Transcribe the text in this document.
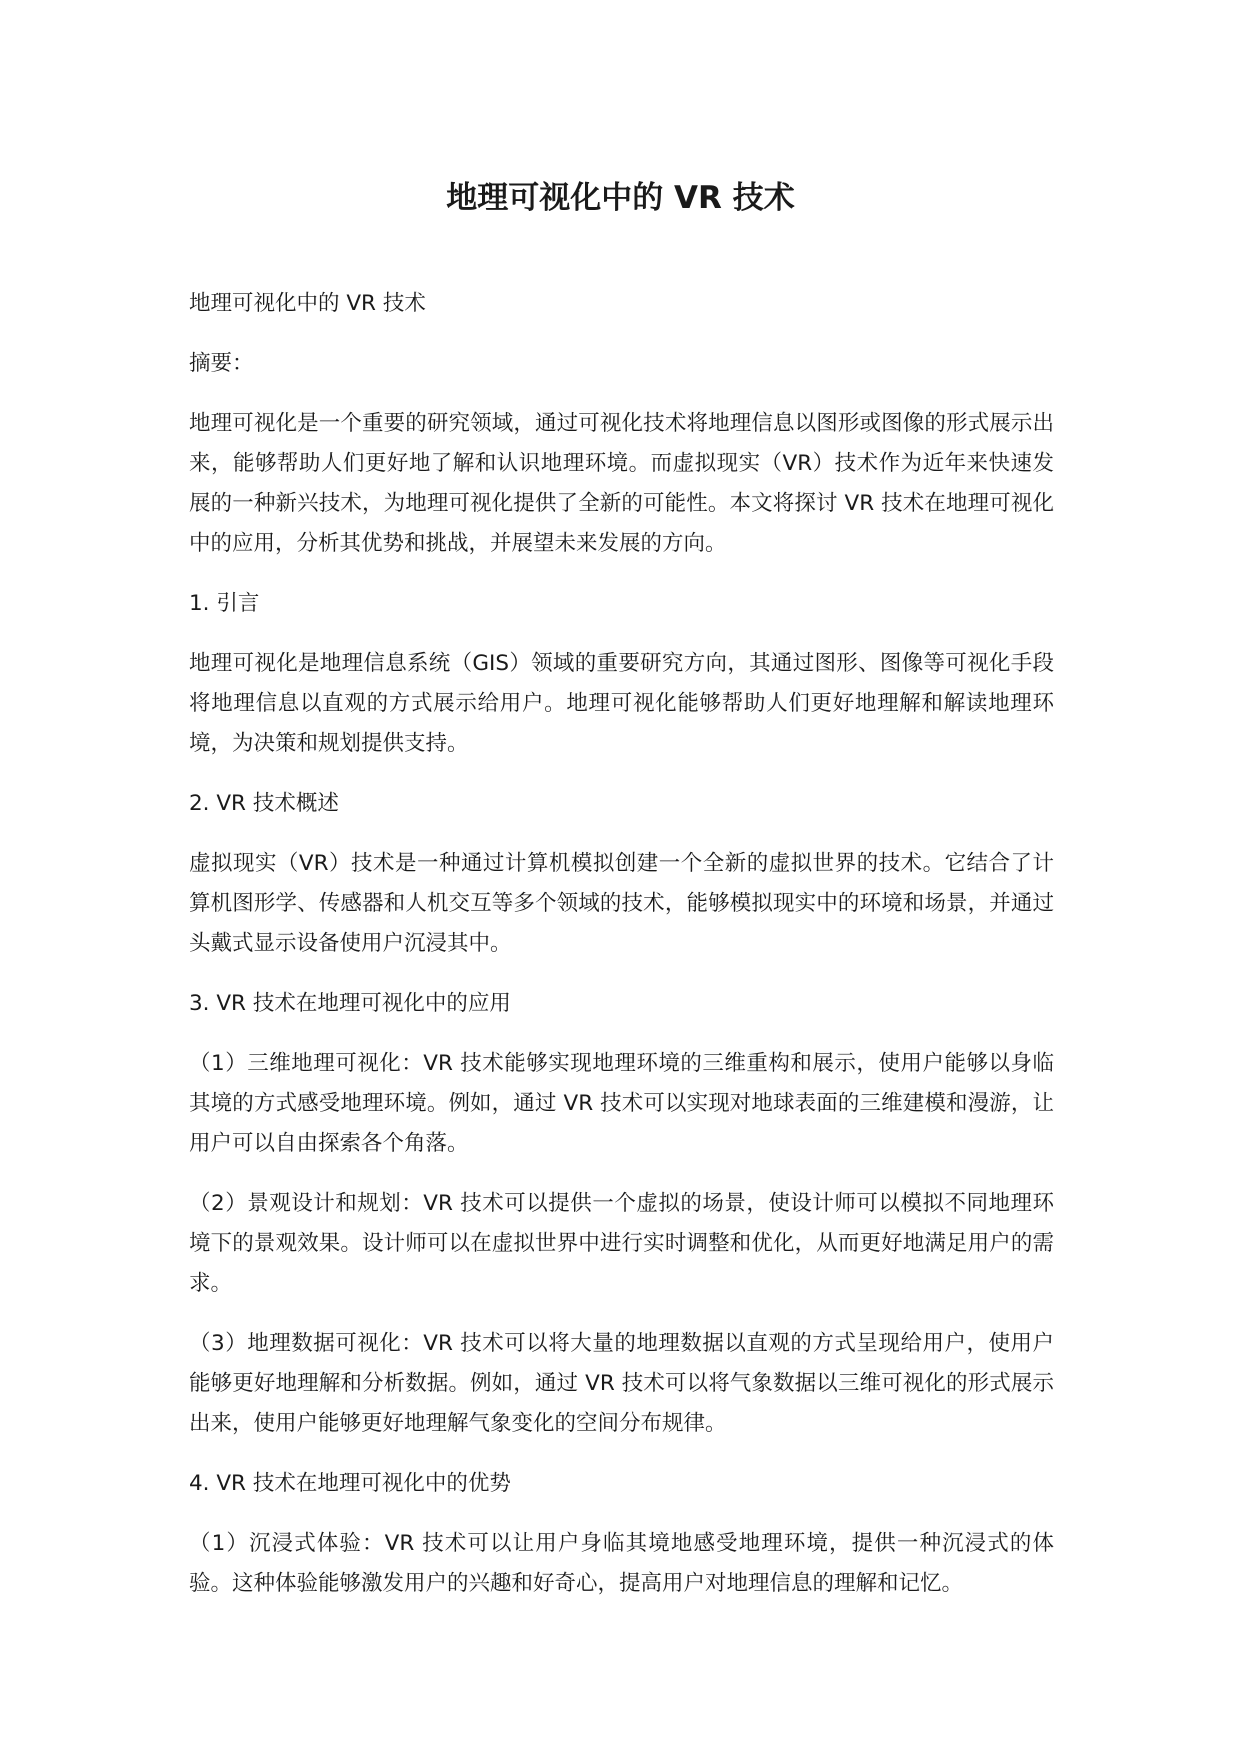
地理可视化中的 VR 技术

地理可视化中的 VR 技术

摘要：

地理可视化是一个重要的研究领域，通过可视化技术将地理信息以图形或图像的形式展示出来，能够帮助人们更好地了解和认识地理环境。而虚拟现实（VR）技术作为近年来快速发展的一种新兴技术，为地理可视化提供了全新的可能性。本文将探讨 VR 技术在地理可视化中的应用，分析其优势和挑战，并展望未来发展的方向。

1. 引言

地理可视化是地理信息系统（GIS）领域的重要研究方向，其通过图形、图像等可视化手段将地理信息以直观的方式展示给用户。地理可视化能够帮助人们更好地理解和解读地理环境，为决策和规划提供支持。

2. VR 技术概述

虚拟现实（VR）技术是一种通过计算机模拟创建一个全新的虚拟世界的技术。它结合了计算机图形学、传感器和人机交互等多个领域的技术，能够模拟现实中的环境和场景，并通过头戴式显示设备使用户沉浸其中。

3. VR 技术在地理可视化中的应用

（1）三维地理可视化：VR 技术能够实现地理环境的三维重构和展示，使用户能够以身临其境的方式感受地理环境。例如，通过 VR 技术可以实现对地球表面的三维建模和漫游，让用户可以自由探索各个角落。

（2）景观设计和规划：VR 技术可以提供一个虚拟的场景，使设计师可以模拟不同地理环境下的景观效果。设计师可以在虚拟世界中进行实时调整和优化，从而更好地满足用户的需求。

（3）地理数据可视化：VR 技术可以将大量的地理数据以直观的方式呈现给用户，使用户能够更好地理解和分析数据。例如，通过 VR 技术可以将气象数据以三维可视化的形式展示出来，使用户能够更好地理解气象变化的空间分布规律。

4. VR 技术在地理可视化中的优势

（1）沉浸式体验：VR 技术可以让用户身临其境地感受地理环境，提供一种沉浸式的体验。这种体验能够激发用户的兴趣和好奇心，提高用户对地理信息的理解和记忆。
